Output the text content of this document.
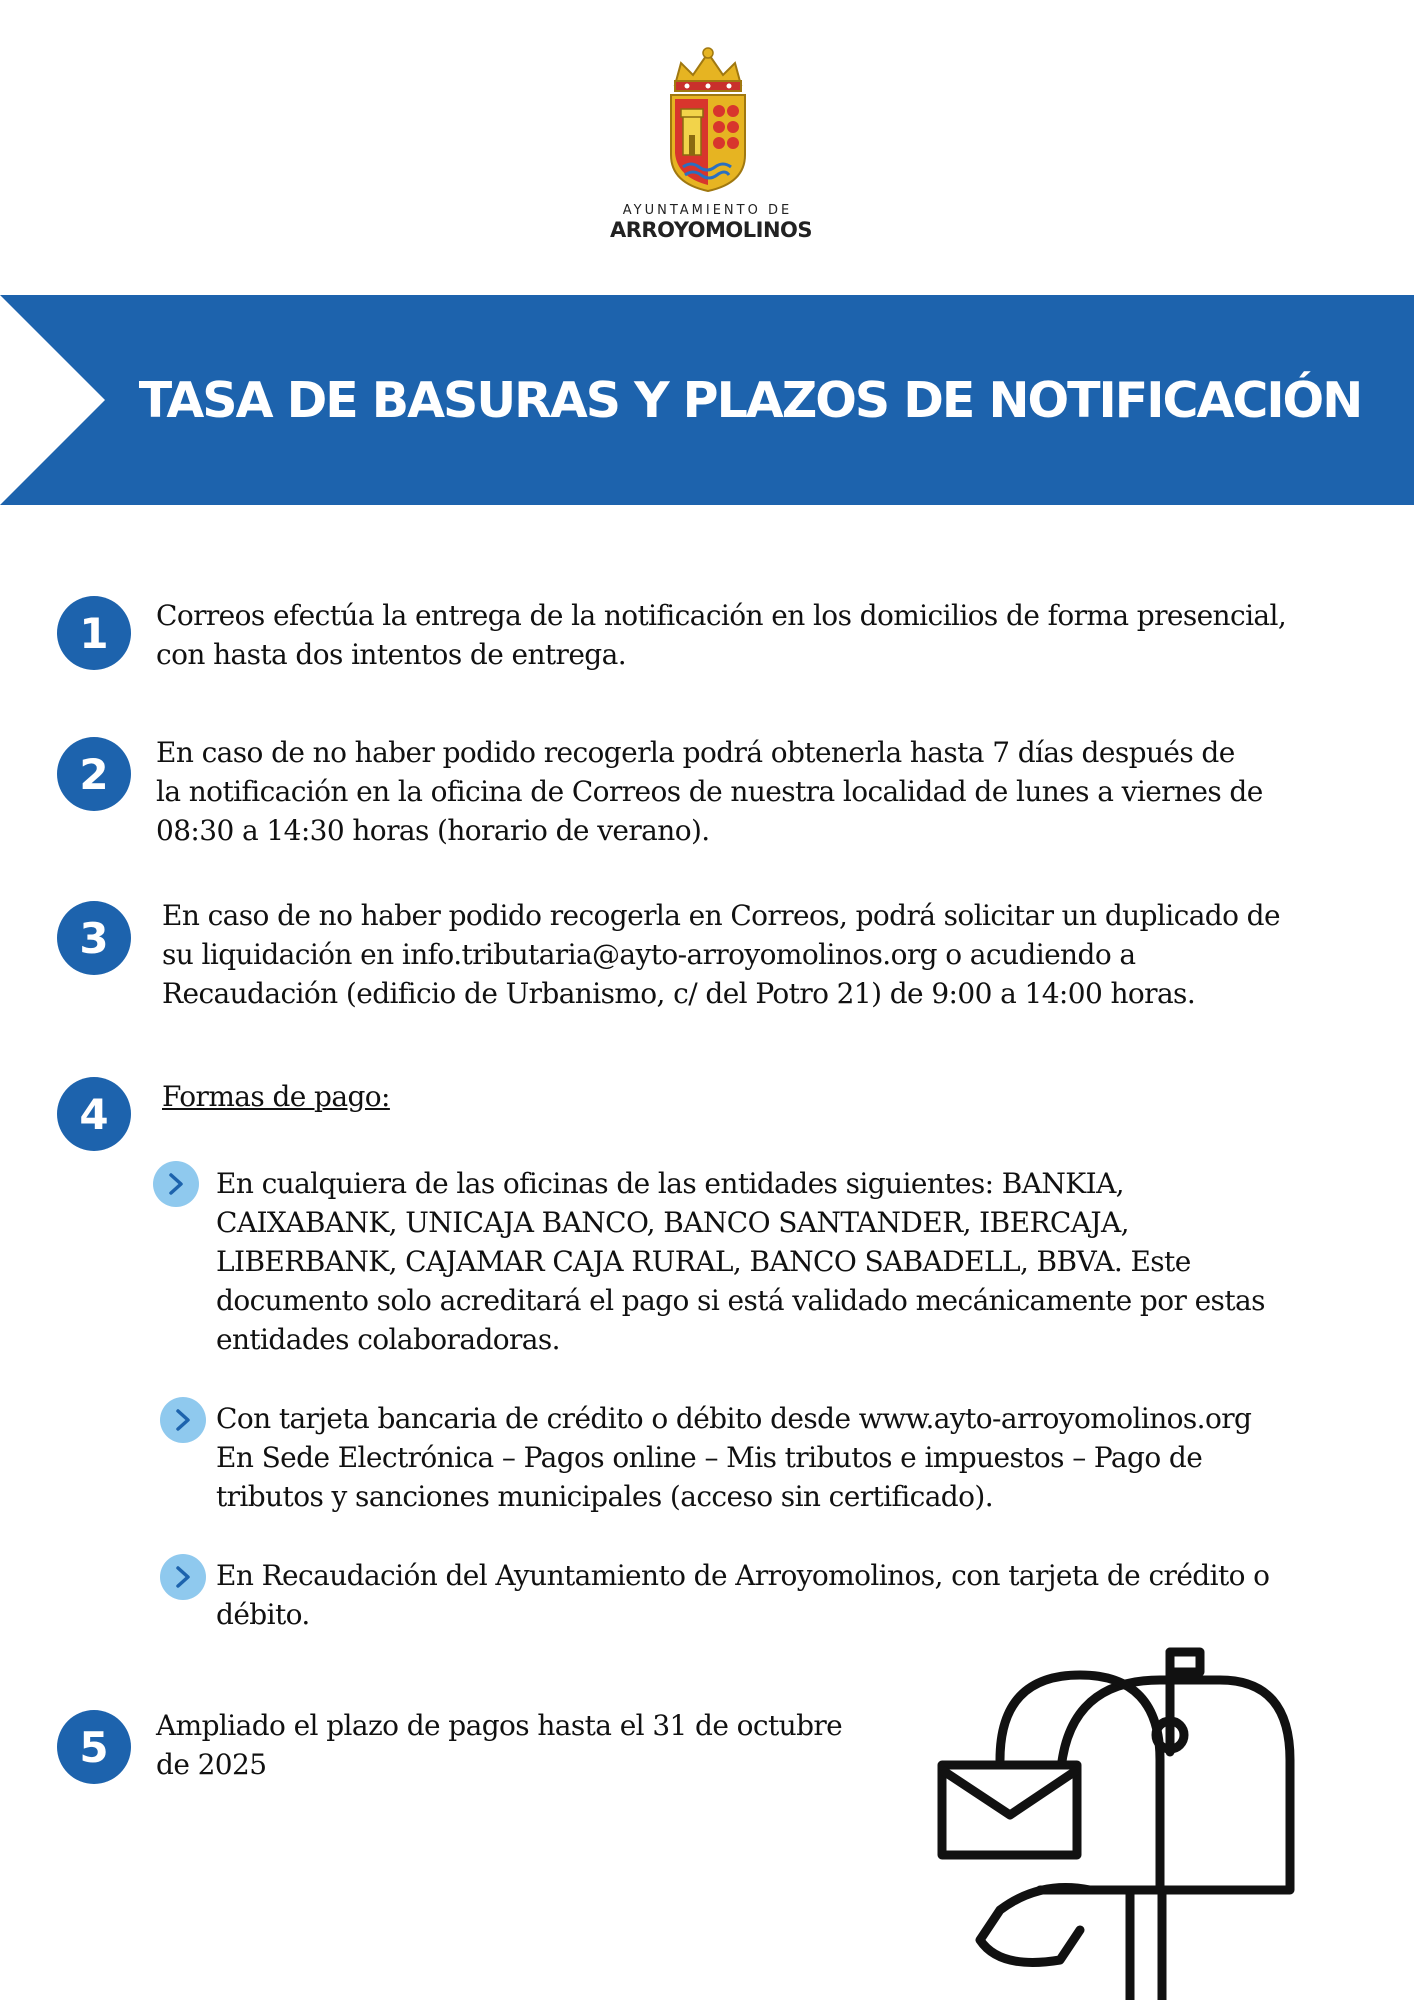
AYUNTAMIENTO DE
ARROYOMOLINOS
TASA DE BASURAS Y PLAZOS DE NOTIFICACIÓN
1	Correos efectúa la entrega de la notificación en los domicilios de forma presencial,
con hasta dos intentos de entrega.
2	En caso de no haber podido recogerla podrá obtenerla hasta 7 días después de
la notificación en la oficina de Correos de nuestra localidad de lunes a viernes de
08:30 a 14:30 horas (horario de verano).
3	En caso de no haber podido recogerla en Correos, podrá solicitar un duplicado de
su liquidación en info.tributaria@ayto-arroyomolinos.org o acudiendo a
Recaudación (edificio de Urbanismo, c/ del Potro 21) de 9:00 a 14:00 horas.
4	Formas de pago:
En cualquiera de las oficinas de las entidades siguientes: BANKIA,
CAIXABANK, UNICAJA BANCO, BANCO SANTANDER, IBERCAJA,
LIBERBANK, CAJAMAR CAJA RURAL, BANCO SABADELL, BBVA. Este
documento solo acreditará el pago si está validado mecánicamente por estas
entidades colaboradoras.
Con tarjeta bancaria de crédito o débito desde www.ayto-arroyomolinos.org
En Sede Electrónica – Pagos online – Mis tributos e impuestos – Pago de
tributos y sanciones municipales (acceso sin certificado).
En Recaudación del Ayuntamiento de Arroyomolinos, con tarjeta de crédito o
débito.
5	Ampliado el plazo de pagos hasta el 31 de octubre
de 2025
